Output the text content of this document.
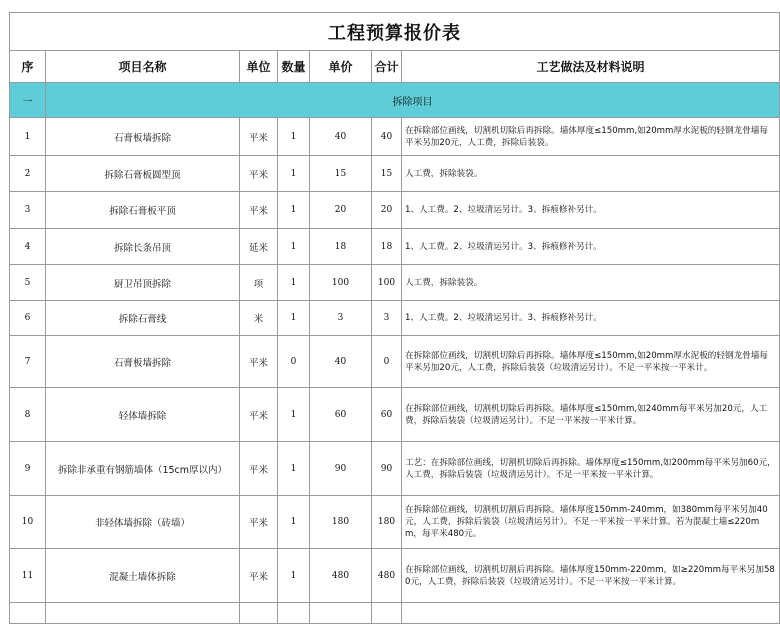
工程预算报价表						
序	项目名称	单位	数量	单价	合计	工艺做法及材料说明
一	拆除项目					
1	石膏板墙拆除	平米	1	40	40	在拆除部位画线，切割机切除后再拆除。墙体厚度≤150mm,如20mm厚水泥板的轻钢龙骨墙每平米另加20元，人工费，拆除后装袋。
2	拆除石膏板圆型顶	平米	1	15	15	人工费，拆除装袋。
3	拆除石膏板平顶	平米	1	20	20	1、人工费。2、垃圾清运另计。3、拆痕修补另计。
4	拆除长条吊顶	延米	1	18	18	1、人工费。2、垃圾清运另计。3、拆痕修补另计。
5	厨卫吊顶拆除	项	1	100	100	人工费，拆除装袋。
6	拆除石膏线	米	1	3	3	1、人工费。2、垃圾清运另计。3、拆痕修补另计。
7	石膏板墙拆除	平米	0	40	0	在拆除部位画线，切割机切除后再拆除。墙体厚度≤150mm,如20mm厚水泥板的轻钢龙骨墙每平米另加20元，人工费，拆除后装袋（垃圾清运另计）。不足一平米按一平米计。
8	轻体墙拆除	平米	1	60	60	在拆除部位画线，切割机切除后再拆除。墙体厚度≤150mm,如240mm每平米另加20元，人工费，拆除后装袋（垃圾清运另计）。不足一平米按一平米计算。
9	拆除非承重有钢筋墙体（15cm厚以内）	平米	1	90	90	工艺：在拆除部位画线，切割机切除后再拆除。墙体厚度≤150mm,如200mm每平米另加60元，人工费，拆除后装袋（垃圾清运另计）。不足一平米按一平米计算。
10	非轻体墙拆除（砖墙）	平米	1	180	180	在拆除部位画线，切割机切割后再拆除。墙体厚度150mm-240mm，如380mm每平米另加40元，人工费，拆除后装袋（垃圾清运另计）。不足一平米按一平米计算。若为混凝土墙≤220mm，每平米480元。
11	混凝土墙体拆除	平米	1	480	480	在拆除部位画线，切割机切割后再拆除。墙体厚度150mm-220mm，如≥220mm每平米另加580元，人工费，拆除后装袋（垃圾清运另计）。不足一平米按一平米计算。
